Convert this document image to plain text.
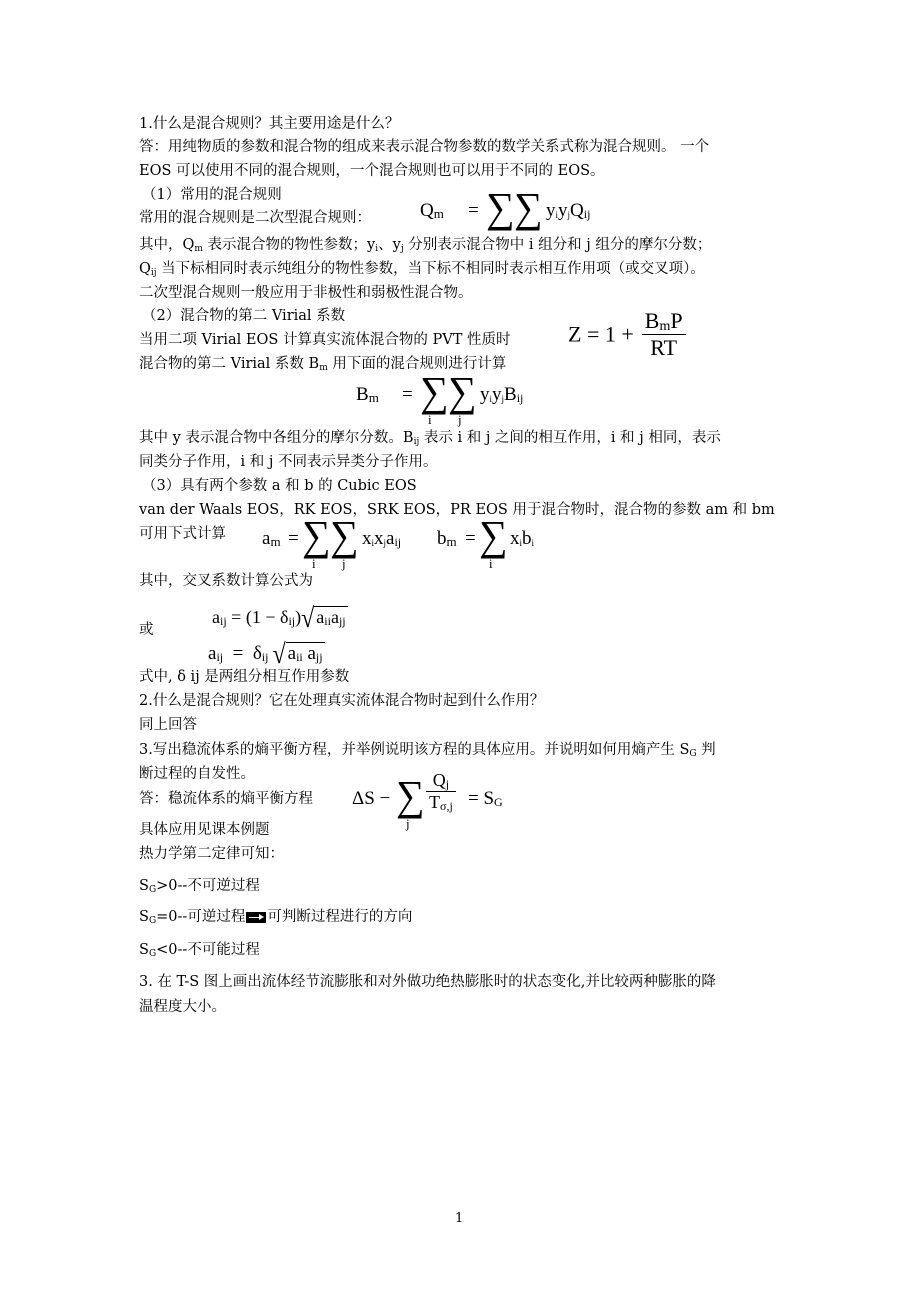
1.什么是混合规则？其主要用途是什么？
答：用纯物质的参数和混合物的组成来表示混合物参数的数学关系式称为混合规则。 一个
EOS 可以使用不同的混合规则，一个混合规则也可以用于不同的 EOS。
（1）常用的混合规则
常用的混合规则是二次型混合规则：	$Q_m$ = ∑ ∑ $y_iy_jQ_{ij}$
其中，$Q_m$ 表示混合物的物性参数；$y_i$、$y_j$ 分别表示混合物中 i 组分和 j 组分的摩尔分数；
$Q_{ij}$ 当下标相同时表示纯组分的物性参数，当下标不相同时表示相互作用项（或交叉项）。
二次型混合规则一般应用于非极性和弱极性混合物。
（2）混合物的第二 Virial 系数
当用二项 Virial EOS 计算真实流体混合物的 PVT 性质时
混合物的第二 Virial 系数 $B_m$ 用下面的混合规则进行计算
$Z = 1 + \frac{B_mP}{RT}$
$B_m$ = ∑ ∑
i j
$y_iy_jB_{ij}$
其中 y 表示混合物中各组分的摩尔分数。$B_{ij}$ 表示 i 和 j 之间的相互作用，i 和 j 相同，表示
同类分子作用，i 和 j 不同表示异类分子作用。
（3）具有两个参数 a 和 b 的 Cubic EOS
van der Waals EOS，RK EOS，SRK EOS，PR EOS 用于混合物时，混合物的参数 am 和 bm
可用下式计算 $a_m$ = ∑ ∑
i j
$x_ix_ja_{ij}$ $b_m$ = ∑
i
$x_ib_i$
其中，交叉系数计算公式为
$a_{ij} = (1 - \delta_{ij})√$ $a_{ii}a_{jj}$
或
$a_{ij} = \delta_{ij}$ √ $a_{ii}$ $a_{jj}$
式中, δ ij 是两组分相互作用参数
2.什么是混合规则？它在处理真实流体混合物时起到什么作用？
同上回答
3.写出稳流体系的熵平衡方程，并举例说明该方程的具体应用。并说明如何用熵产生 $S_G$ 判
断过程的自发性。
答：稳流体系的熵平衡方程 ΔS − ∑
j
$\frac{Q_j}{T_{\sigma,j}} = S_G$
具体应用见课本例题
热力学第二定律可知：
$S_G>0--$不可逆过程
$S_G=0--$可逆过程 可判断过程进行的方向
$S_G<0--$不可能过程
3. 在 T-S 图上画出流体经节流膨胀和对外做功绝热膨胀时的状态变化,并比较两种膨胀的降
温程度大小。
1
